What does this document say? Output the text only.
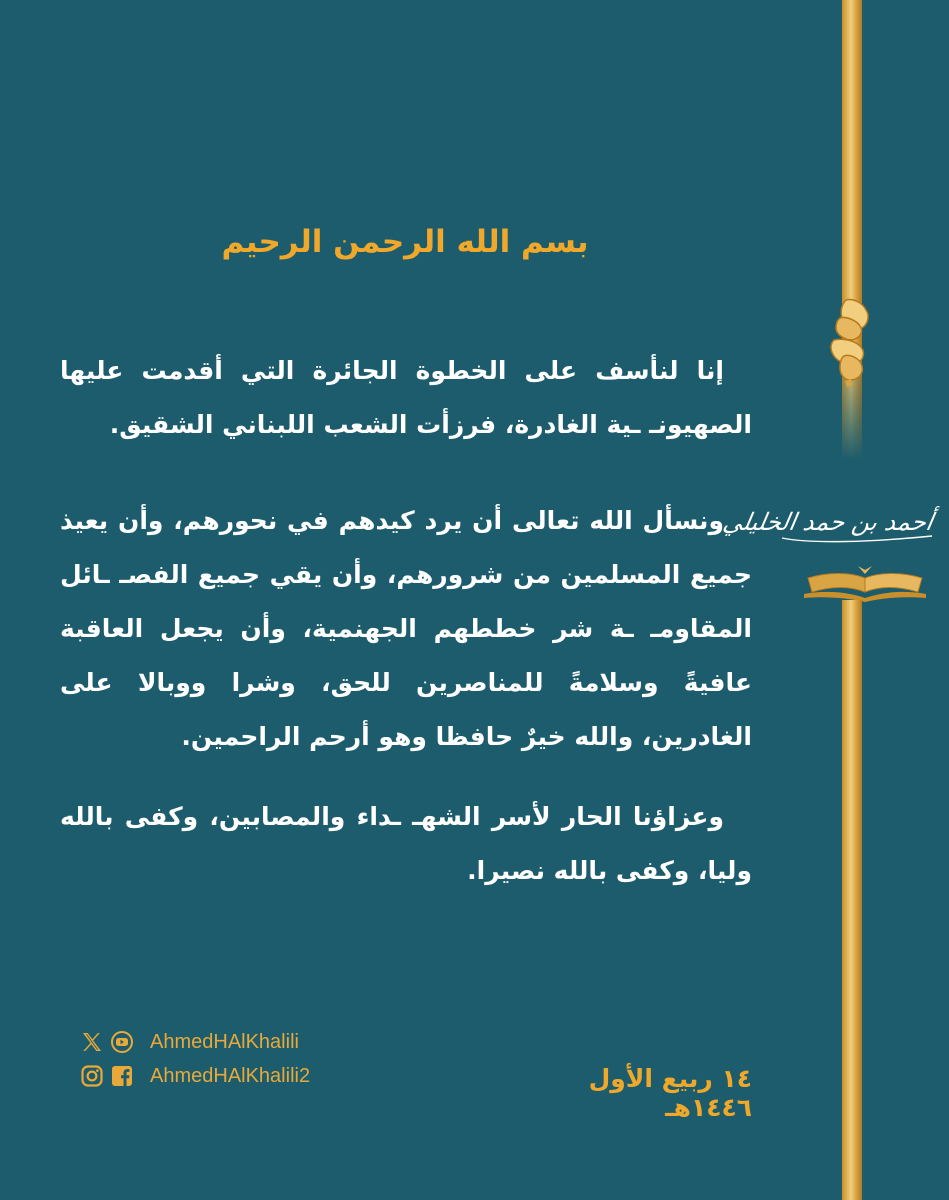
أحمد بن حمد الخليلي
بسم الله الرحمن الرحيم

إنا لنأسف على الخطوة الجائرة التي أقدمت عليها الصهيونـ ـية الغادرة، فرزأت الشعب اللبناني الشقيق.

ونسأل الله تعالى أن يرد كيدهم في نحورهم، وأن يعيذ جميع المسلمين من شرورهم، وأن يقي جميع الفصـ ـائل المقاومـ ـة شر خططهم الجهنمية، وأن يجعل العاقبة عافيةً وسلامةً للمناصرين للحق، وشرا ووبالا على الغادرين، والله خيرٌ حافظا وهو أرحم الراحمين.

وعزاؤنا الحار لأسر الشهـ ـداء والمصابين، وكفى بالله وليا، وكفى بالله نصيرا.

١٤ ربيع الأول ١٤٤٦هـ

AhmedHAlKhalili
AhmedHAlKhalili2
